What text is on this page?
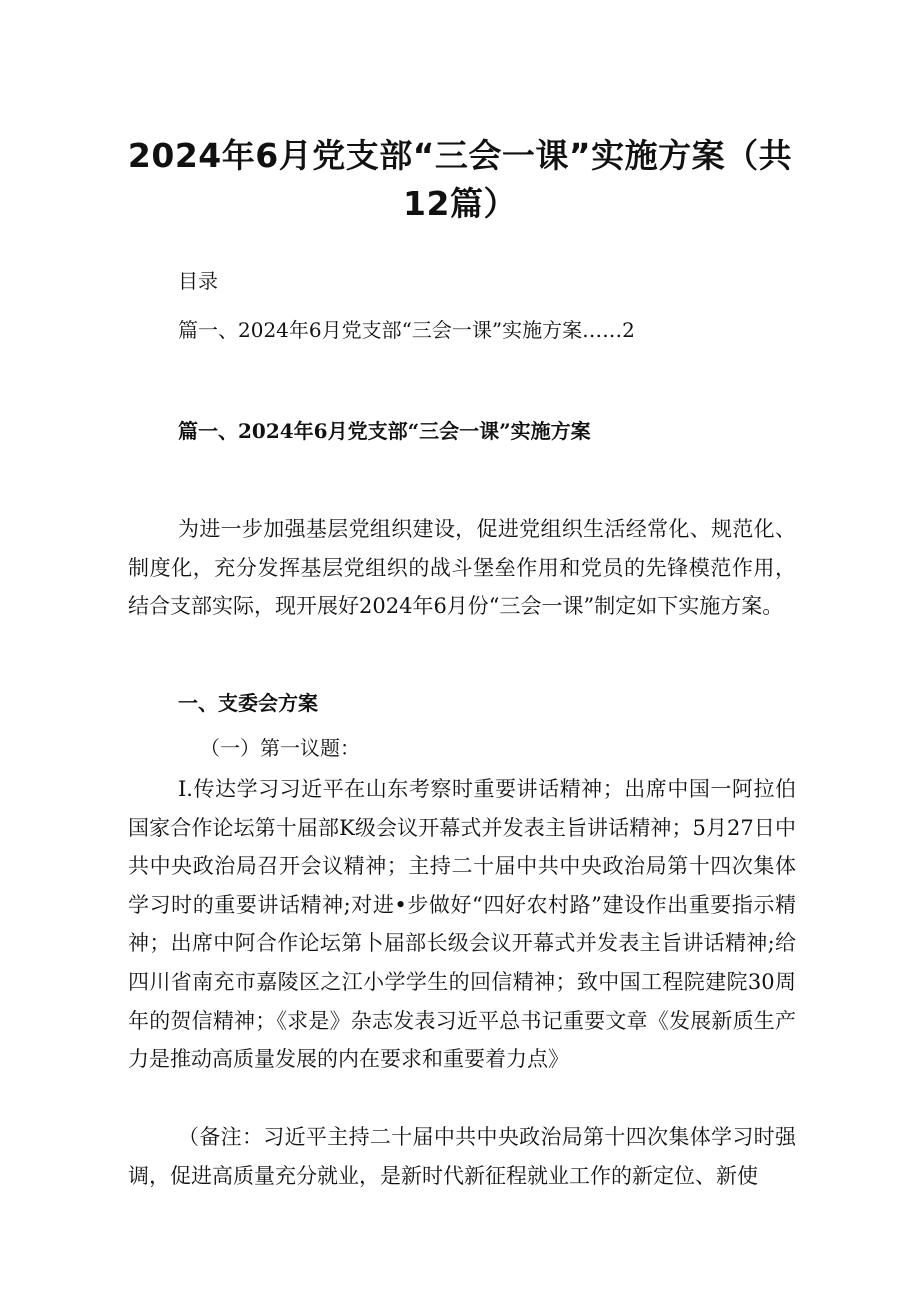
2024年6月党支部“三会一课”实施方案（共12篇）

目录

篇一、2024年6月党支部“三会一课”实施方案……2

篇一、2024年6月党支部“三会一课”实施方案

为进一步加强基层党组织建设，促进党组织生活经常化、规范化、制度化，充分发挥基层党组织的战斗堡垒作用和党员的先锋模范作用，结合支部实际，现开展好2024年6月份“三会一课”制定如下实施方案。

一、支委会方案

（一）第一议题：

I.传达学习习近平在山东考察时重要讲话精神；出席中国一阿拉伯国家合作论坛第十届部K级会议开幕式并发表主旨讲话精神；5月27日中共中央政治局召开会议精神；主持二十届中共中央政治局第十四次集体学习时的重要讲话精神;对进•步做好“四好农村路”建设作出重要指示精神；出席中阿合作论坛第卜届部长级会议开幕式并发表主旨讲话精神;给四川省南充市嘉陵区之江小学学生的回信精神；致中国工程院建院30周年的贺信精神；《求是》杂志发表习近平总书记重要文章《发展新质生产力是推动高质量发展的内在要求和重要着力点》

（备注：习近平主持二十届中共中央政治局第十四次集体学习时强调，促进高质量充分就业，是新时代新征程就业工作的新定位、新使
